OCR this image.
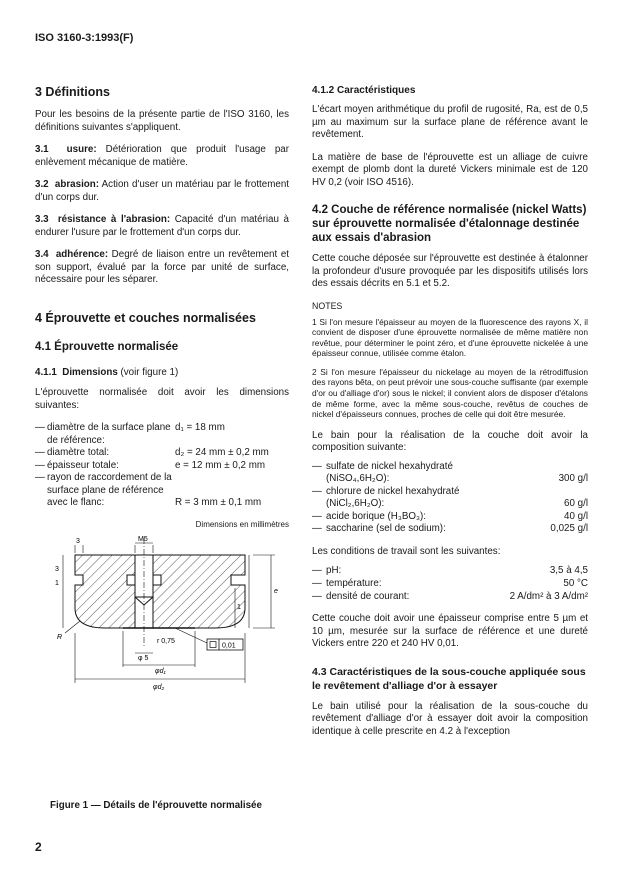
ISO 3160-3:1993(F)
3 Définitions

Pour les besoins de la présente partie de l'ISO 3160, les définitions suivantes s'appliquent.

3.1 usure: Détérioration que produit l'usage par enlèvement mécanique de matière.

3.2 abrasion: Action d'user un matériau par le frottement d'un corps dur.

3.3 résistance à l'abrasion: Capacité d'un matériau à endurer l'usure par le frottement d'un corps dur.

3.4 adhérence: Degré de liaison entre un revêtement et son support, évalué par la force par unité de surface, nécessaire pour les séparer.

4 Éprouvette et couches normalisées
4.1 Éprouvette normalisée

4.1.1 Dimensions (voir figure 1)

L'éprouvette normalisée doit avoir les dimensions suivantes:

— diamètre de la surface plane de référence:
d₁ = 18 mm
— diamètre total:	d₂ = 24 mm ± 0,2 mm
— épaisseur totale:	e = 12 mm ± 0,2 mm
— rayon de raccordement de la surface plane de référence avec le flanc:	R = 3 mm ± 0,1 mm
Dimensions en millimètres
M5
3
3
1
e
1
r 0,75
φ 5
φd₁
φd₂
R
0,01
Figure 1 — Détails de l'éprouvette normalisée
4.1.2 Caractéristiques

L'écart moyen arithmétique du profil de rugosité, Ra, est de 0,5 µm au maximum sur la surface plane de référence avant le revêtement.

La matière de base de l'éprouvette est un alliage de cuivre exempt de plomb dont la dureté Vickers minimale est de 120 HV 0,2 (voir ISO 4516).

4.2 Couche de référence normalisée (nickel Watts) sur éprouvette normalisée d'étalonnage destinée aux essais d'abrasion

Cette couche déposée sur l'éprouvette est destinée à étalonner la profondeur d'usure provoquée par les dispositifs utilisés lors des essais décrits en 5.1 et 5.2.

NOTES
1 Si l'on mesure l'épaisseur au moyen de la fluorescence des rayons X, il convient de disposer d'une éprouvette normalisée de même matière non revêtue, pour déterminer le point zéro, et d'une éprouvette nickelée à une épaisseur connue, utilisée comme étalon.
2 Si l'on mesure l'épaisseur du nickelage au moyen de la rétrodiffusion des rayons bêta, on peut prévoir une sous-couche suffisante (par exemple d'or ou d'alliage d'or) sous le nickel; il convient alors de disposer d'étalons de même forme, avec la même sous-couche, revêtus de couches de nickel d'épaisseurs connues, proches de celle qui doit être mesurée.

Le bain pour la réalisation de la couche doit avoir la composition suivante:

— sulfate de nickel hexahydraté (NiSO₄,6H₂O):	300 g/l
— chlorure de nickel hexahydraté (NiCl₂,6H₂O):	60 g/l
— acide borique (H₃BO₃):	40 g/l
— saccharine (sel de sodium):	0,025 g/l

Les conditions de travail sont les suivantes:

— pH:	3,5 à 4,5
— température:	50 °C
— densité de courant:	2 A/dm² à 3 A/dm²

Cette couche doit avoir une épaisseur comprise entre 5 µm et 10 µm, mesurée sur la surface de référence et une dureté Vickers entre 220 et 240 HV 0,01.

4.3 Caractéristiques de la sous-couche appliquée sous le revêtement d'alliage d'or à essayer

Le bain utilisé pour la réalisation de la sous-couche du revêtement d'alliage d'or à essayer doit avoir la composition identique à celle prescrite en 4.2 à l'exception

2
